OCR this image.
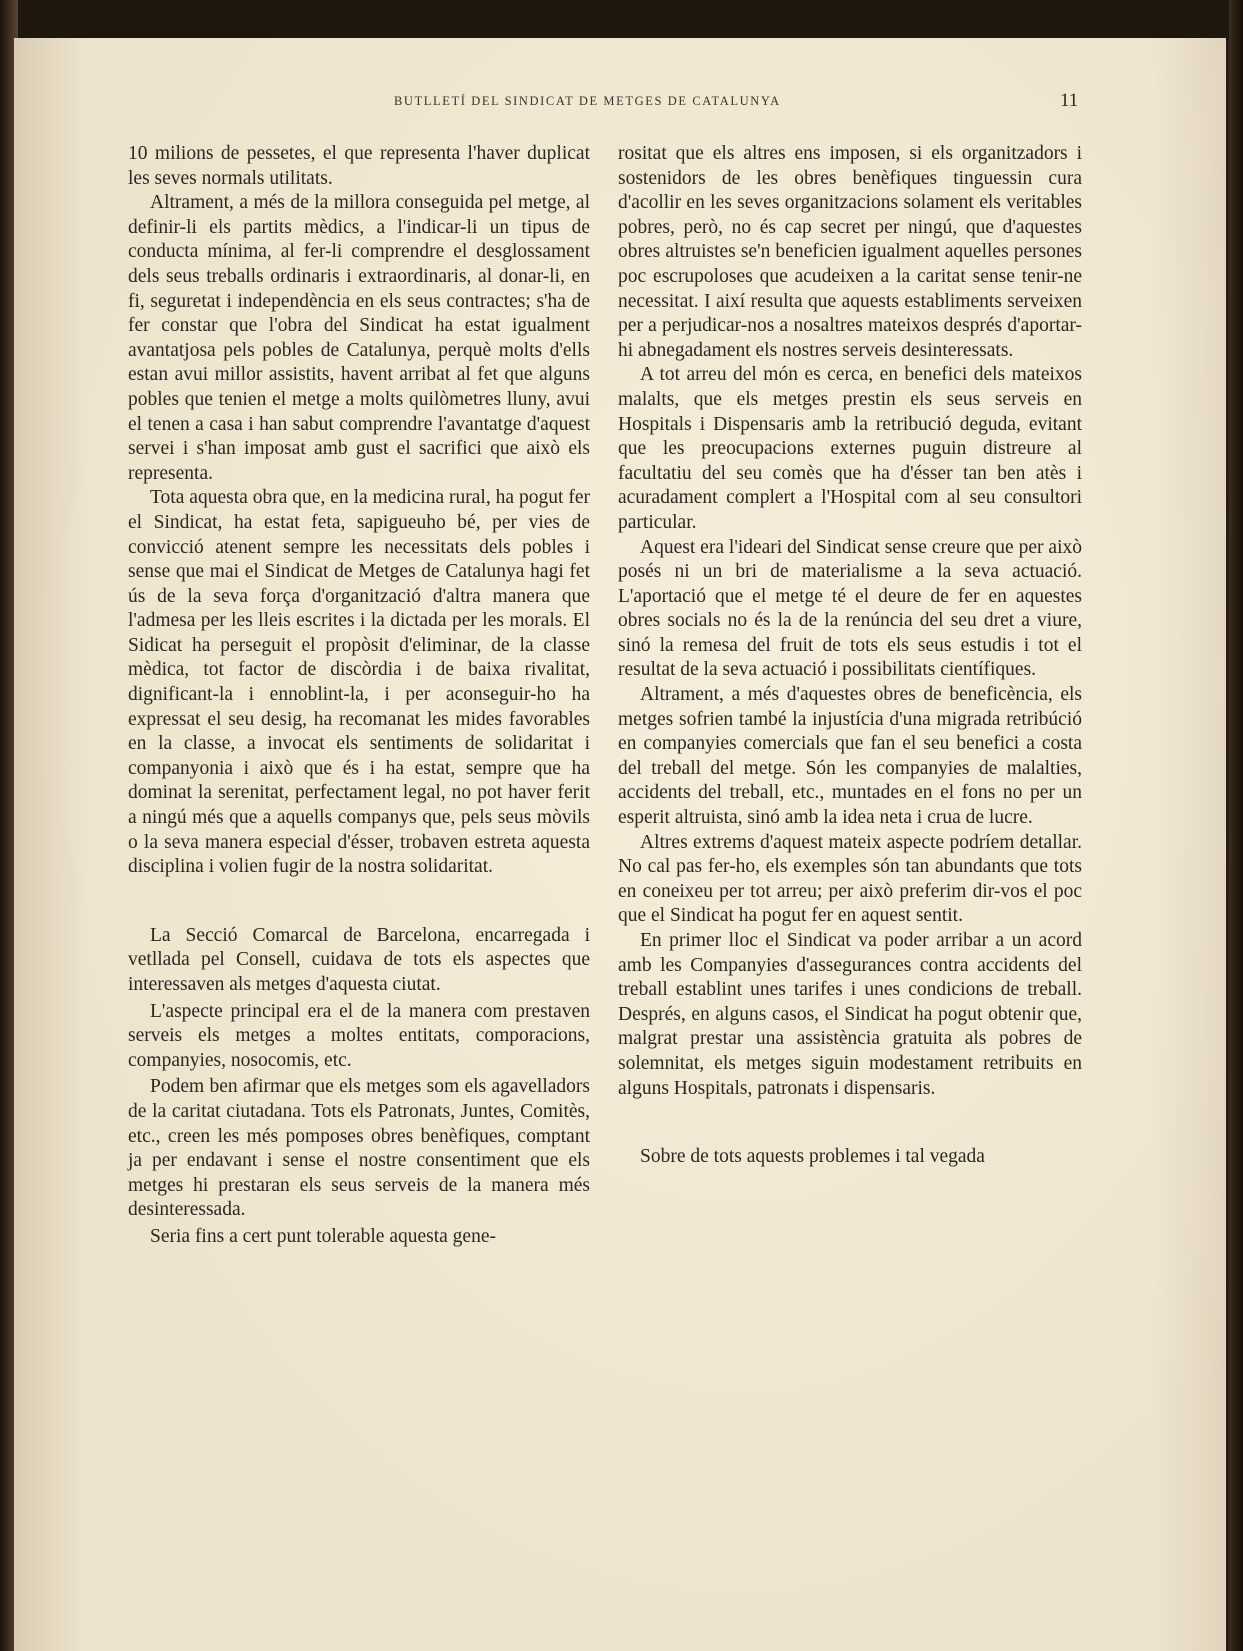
BUTLLETÍ DEL SINDICAT DE METGES DE CATALUNYA	11

10 milions de pessetes, el que representa l'haver duplicat les seves normals utilitats.

Altrament, a més de la millora conseguida pel metge, al definir-li els partits mèdics, a l'indicar-li un tipus de conducta mínima, al fer-li comprendre el desglossament dels seus treballs ordinaris i extraordinaris, al donar-li, en fi, seguretat i independència en els seus contractes; s'ha de fer constar que l'obra del Sindicat ha estat igualment avantatjosa pels pobles de Catalunya, perquè molts d'ells estan avui millor assistits, havent arribat al fet que alguns pobles que tenien el metge a molts quilòmetres lluny, avui el tenen a casa i han sabut comprendre l'avantatge d'aquest servei i s'han imposat amb gust el sacrifici que això els representa.

Tota aquesta obra que, en la medicina rural, ha pogut fer el Sindicat, ha estat feta, sapigueuho bé, per vies de convicció atenent sempre les necessitats dels pobles i sense que mai el Sindicat de Metges de Catalunya hagi fet ús de la seva força d'organització d'altra manera que l'admesa per les lleis escrites i la dictada per les morals. El Sidicat ha perseguit el propòsit d'eliminar, de la classe mèdica, tot factor de discòrdia i de baixa rivalitat, dignificant-la i ennoblint-la, i per aconseguir-ho ha expressat el seu desig, ha recomanat les mides favorables en la classe, a invocat els sentiments de solidaritat i companyonia i això que és i ha estat, sempre que ha dominat la serenitat, perfectament legal, no pot haver ferit a ningú més que a aquells companys que, pels seus mòvils o la seva manera especial d'ésser, trobaven estreta aquesta disciplina i volien fugir de la nostra solidaritat.

La Secció Comarcal de Barcelona, encarregada i vetllada pel Consell, cuidava de tots els aspectes que interessaven als metges d'aquesta ciutat.

L'aspecte principal era el de la manera com prestaven serveis els metges a moltes entitats, comporacions, companyies, nosocomis, etc.

Podem ben afirmar que els metges som els agavelladors de la caritat ciutadana. Tots els Patronats, Juntes, Comitès, etc., creen les més pomposes obres benèfiques, comptant ja per endavant i sense el nostre consentiment que els metges hi prestaran els seus serveis de la manera més desinteressada.

Seria fins a cert punt tolerable aquesta gene-

rositat que els altres ens imposen, si els organitzadors i sostenidors de les obres benèfiques tinguessin cura d'acollir en les seves organitzacions solament els veritables pobres, però, no és cap secret per ningú, que d'aquestes obres altruistes se'n beneficien igualment aquelles persones poc escrupoloses que acudeixen a la caritat sense tenir-ne necessitat. I així resulta que aquests establiments serveixen per a perjudicar-nos a nosaltres mateixos després d'aportar-hi abnegadament els nostres serveis desinteressats.

A tot arreu del món es cerca, en benefici dels mateixos malalts, que els metges prestin els seus serveis en Hospitals i Dispensaris amb la retribució deguda, evitant que les preocupacions externes puguin distreure al facultatiu del seu comès que ha d'ésser tan ben atès i acuradament complert a l'Hospital com al seu consultori particular.

Aquest era l'ideari del Sindicat sense creure que per això posés ni un bri de materialisme a la seva actuació. L'aportació que el metge té el deure de fer en aquestes obres socials no és la de la renúncia del seu dret a viure, sinó la remesa del fruit de tots els seus estudis i tot el resultat de la seva actuació i possibilitats científiques.

Altrament, a més d'aquestes obres de beneficència, els metges sofrien també la injustícia d'una migrada retribúció en companyies comercials que fan el seu benefici a costa del treball del metge. Són les companyies de malalties, accidents del treball, etc., muntades en el fons no per un esperit altruista, sinó amb la idea neta i crua de lucre.

Altres extrems d'aquest mateix aspecte podríem detallar. No cal pas fer-ho, els exemples són tan abundants que tots en coneixeu per tot arreu; per això preferim dir-vos el poc que el Sindicat ha pogut fer en aquest sentit.

En primer lloc el Sindicat va poder arribar a un acord amb les Companyies d'assegurances contra accidents del treball establint unes tarifes i unes condicions de treball. Després, en alguns casos, el Sindicat ha pogut obtenir que, malgrat prestar una assistència gratuita als pobres de solemnitat, els metges siguin modestament retribuits en alguns Hospitals, patronats i dispensaris.

Sobre de tots aquests problemes i tal vegada
